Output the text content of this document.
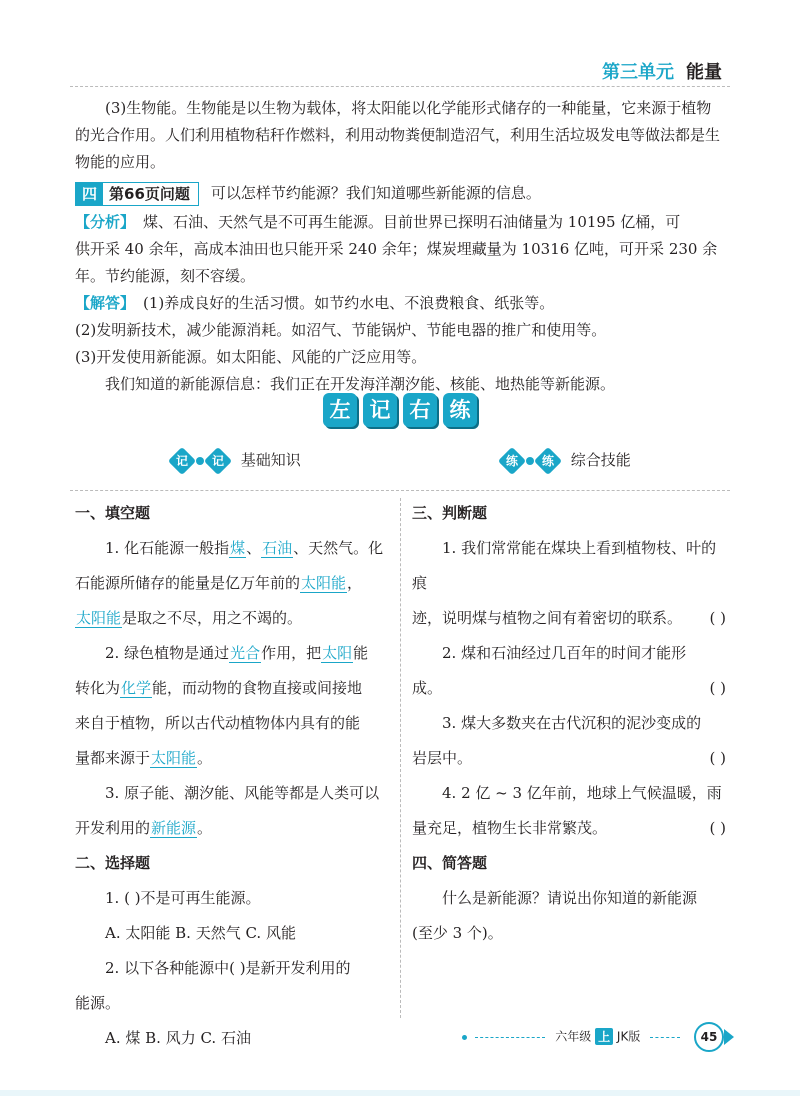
第三单元 能量
(3)生物能。生物能是以生物为载体，将太阳能以化学能形式储存的一种能量，它来源于植物的光合作用。人们利用植物秸秆作燃料，利用动物粪便制造沼气，利用生活垃圾发电等做法都是生物能的应用。
四 第66页问题 可以怎样节约能源？我们知道哪些新能源的信息。
【分析】 煤、石油、天然气是不可再生能源。目前世界已探明石油储量为 10195 亿桶，可
供开采 40 余年，高成本油田也只能开采 240 余年；煤炭埋藏量为 10316 亿吨，可开采 230 余
年。节约能源，刻不容缓。
【解答】 (1)养成良好的生活习惯。如节约水电、不浪费粮食、纸张等。
(2)发明新技术，减少能源消耗。如沼气、节能锅炉、节能电器的推广和使用等。
(3)开发使用新能源。如太阳能、风能的广泛应用等。
我们知道的新能源信息：我们正在开发海洋潮汐能、核能、地热能等新能源。
左 记 右 练
记 记 基础知识	练 练 综合技能
一、填空题
1. 化石能源一般指煤、石油、天然气。化
石能源所储存的能量是亿万年前的太阳能，
太阳能是取之不尽，用之不竭的。
2. 绿色植物是通过光合作用，把太阳能
转化为化学能，而动物的食物直接或间接地
来自于植物，所以古代动植物体内具有的能
量都来源于太阳能。
3. 原子能、潮汐能、风能等都是人类可以
开发利用的新能源。
二、选择题
1. ( )不是可再生能源。
A. 太阳能 B. 天然气 C. 风能
2. 以下各种能源中( )是新开发利用的
能源。
A. 煤 B. 风力 C. 石油
三、判断题
1. 我们常常能在煤块上看到植物枝、叶的痕
迹，说明煤与植物之间有着密切的联系。 ( )
2. 煤和石油经过几百年的时间才能形
成。	( )
3. 煤大多数夹在古代沉积的泥沙变成的
岩层中。	( )
4. 2 亿 ~ 3 亿年前，地球上气候温暖，雨
量充足，植物生长非常繁茂。	( )
四、简答题
什么是新能源？请说出你知道的新能源
(至少 3 个)。
六年级 上 JK版	45
